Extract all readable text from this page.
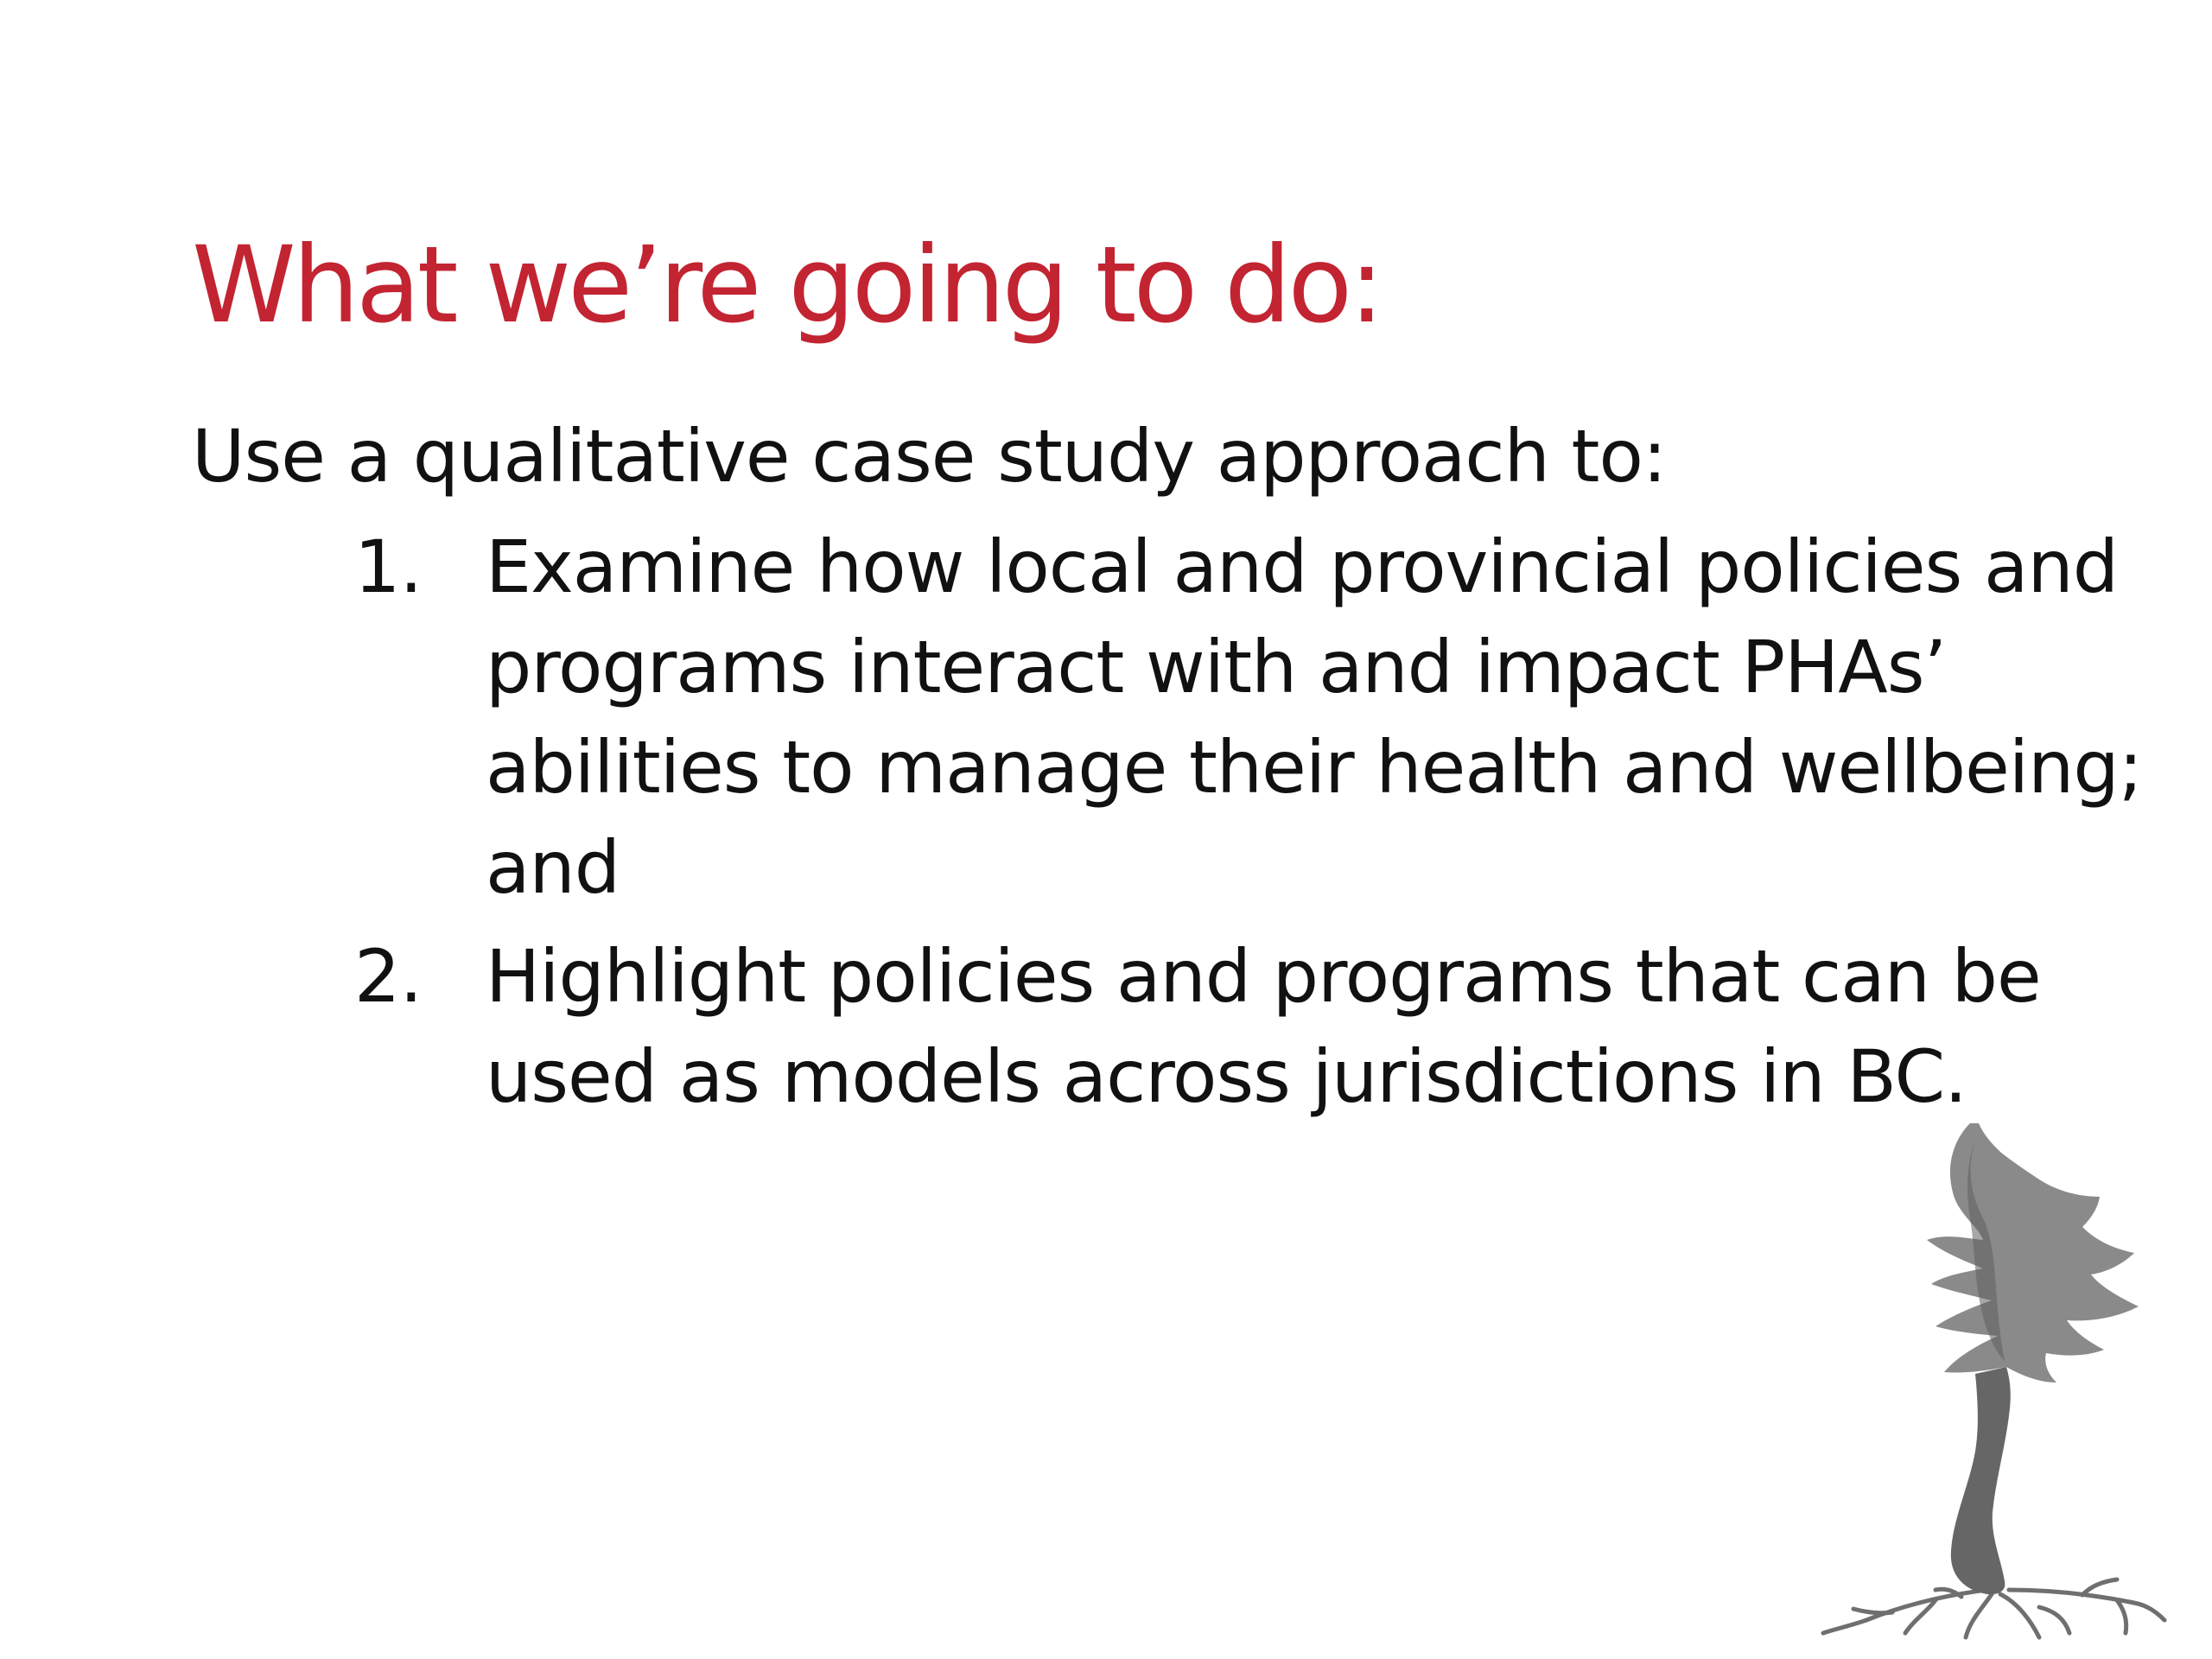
What we’re going to do:

Use a qualitative case study approach to:

1. Examine how local and provincial policies and programs interact with and impact PHAs’ abilities to manage their health and wellbeing; and
2. Highlight policies and programs that can be used as models across jurisdictions in BC.
